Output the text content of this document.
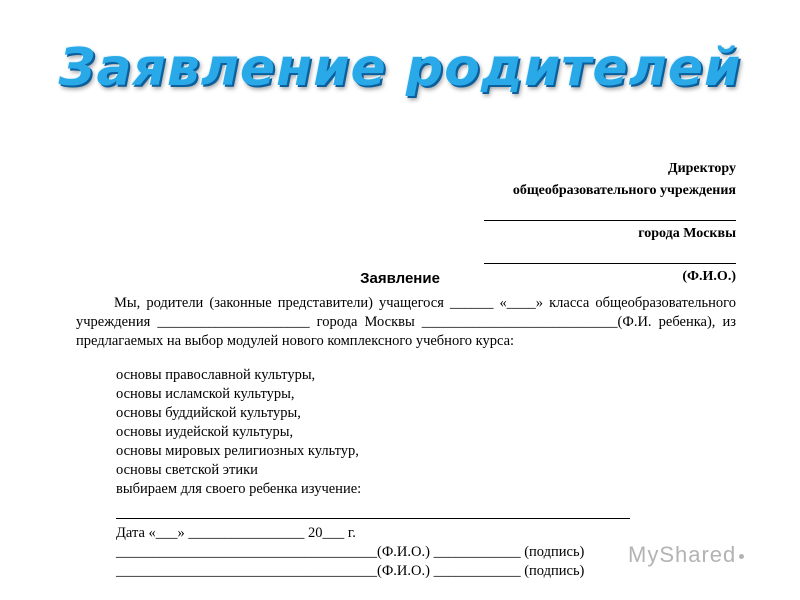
Заявление родителей
Директору
общеобразовательного учреждения
города Москвы
(Ф.И.О.)
Заявление
Мы, родители (законные представители) учащегося ______ «____» класса общеобразовательного учреждения _____________________ города Москвы ___________________________(Ф.И. ребенка), из предлагаемых на выбор модулей нового комплексного учебного курса:
основы православной культуры,
основы исламской культуры,
основы буддийской культуры,
основы иудейской культуры,
основы мировых религиозных культур,
основы светской этики
выбираем для своего ребенка изучение:
Дата «___» ________________ 20___ г.
____________________________________(Ф.И.О.) ____________ (подпись)
____________________________________(Ф.И.О.) ____________ (подпись)
MyShared
